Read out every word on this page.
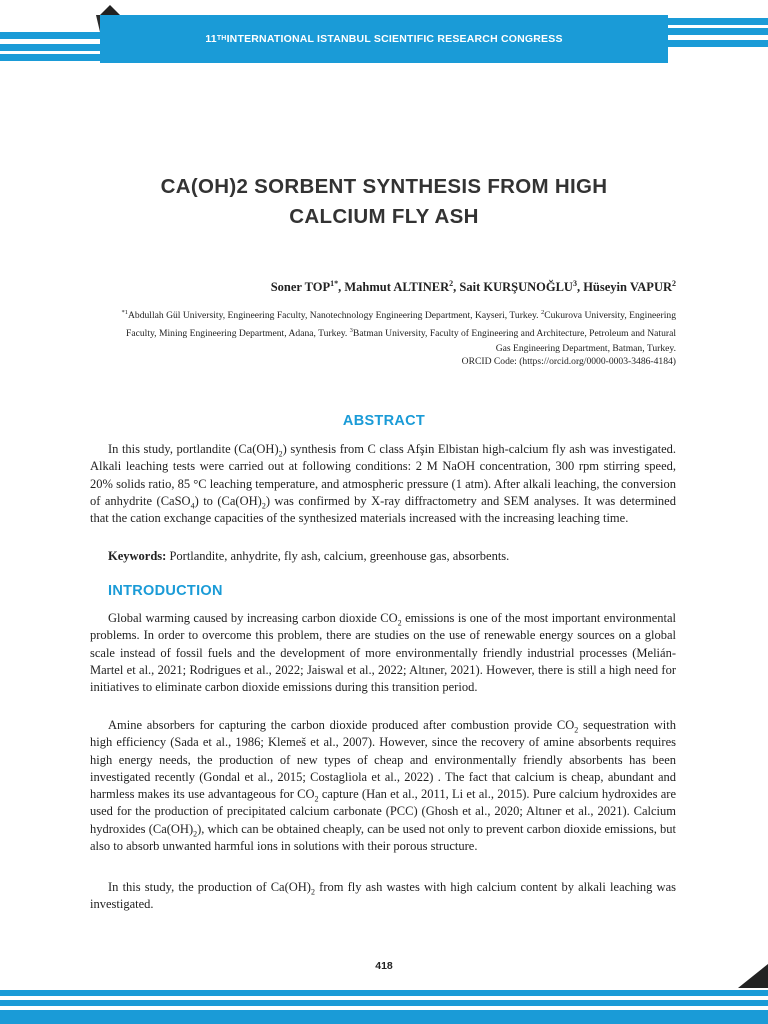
11TH INTERNATIONAL ISTANBUL SCIENTIFIC RESEARCH CONGRESS
CA(OH)2 SORBENT SYNTHESIS FROM HIGH
CALCIUM FLY ASH
Soner $TOP^{1*}$, Mahmut ALTINER$^2$, Sait KURŞUNOĞLU$^3$, Hüseyin VAPUR$^2$
$^{*1}$Abdullah Gül University, Engineering Faculty, Nanotechnology Engineering Department, Kayseri, Turkey. $^2$Cukurova University, Engineering Faculty, Mining Engineering Department, Adana, Turkey. $^3$Batman University, Faculty of Engineering and Architecture, Petroleum and Natural Gas Engineering Department, Batman, Turkey.
ORCID Code: (https://orcid.org/0000-0003-3486-4184)
ABSTRACT
In this study, portlandite $(Ca(OH)_2)$ synthesis from C class Afşin Elbistan high-calcium fly ash was investigated. Alkali leaching tests were carried out at following conditions: 2 M NaOH concentration, 300 rpm stirring speed, 20% solids ratio, 85 °C leaching temperature, and atmospheric pressure (1 atm). After alkali leaching, the conversion of anhydrite (CaSO$_4$) to $(Ca(OH)_2)$ was confirmed by X-ray diffractometry and SEM analyses. It was determined that the cation exchange capacities of the synthesized materials increased with the increasing leaching time.
Keywords: Portlandite, anhydrite, fly ash, calcium, greenhouse gas, absorbents.
INTRODUCTION
Global warming caused by increasing carbon dioxide $CO_2$ emissions is one of the most important environmental problems. In order to overcome this problem, there are studies on the use of renewable energy sources on a global scale instead of fossil fuels and the development of more environmentally friendly industrial processes (Melián-Martel et al., 2021; Rodrigues et al., 2022; Jaiswal et al., 2022; Altıner, 2021). However, there is still a high need for initiatives to eliminate carbon dioxide emissions during this transition period.
Amine absorbers for capturing the carbon dioxide produced after combustion provide $CO_2$ sequestration with high efficiency (Sada et al., 1986; Klemeš et al., 2007). However, since the recovery of amine absorbents requires high energy needs, the production of new types of cheap and environmentally friendly absorbents has been investigated recently (Gondal et al., 2015; Costagliola et al., 2022) . The fact that calcium is cheap, abundant and harmless makes its use advantageous for $CO_2$ capture (Han et al., 2011, Li et al., 2015). Pure calcium hydroxides are used for the production of precipitated calcium carbonate (PCC) (Ghosh et al., 2020; Altıner et al., 2021). Calcium hydroxides $(Ca(OH)_2)$, which can be obtained cheaply, can be used not only to prevent carbon dioxide emissions, but also to absorb unwanted harmful ions in solutions with their porous structure.
In this study, the production of $Ca(OH)_2$ from fly ash wastes with high calcium content by alkali leaching was investigated.
418
